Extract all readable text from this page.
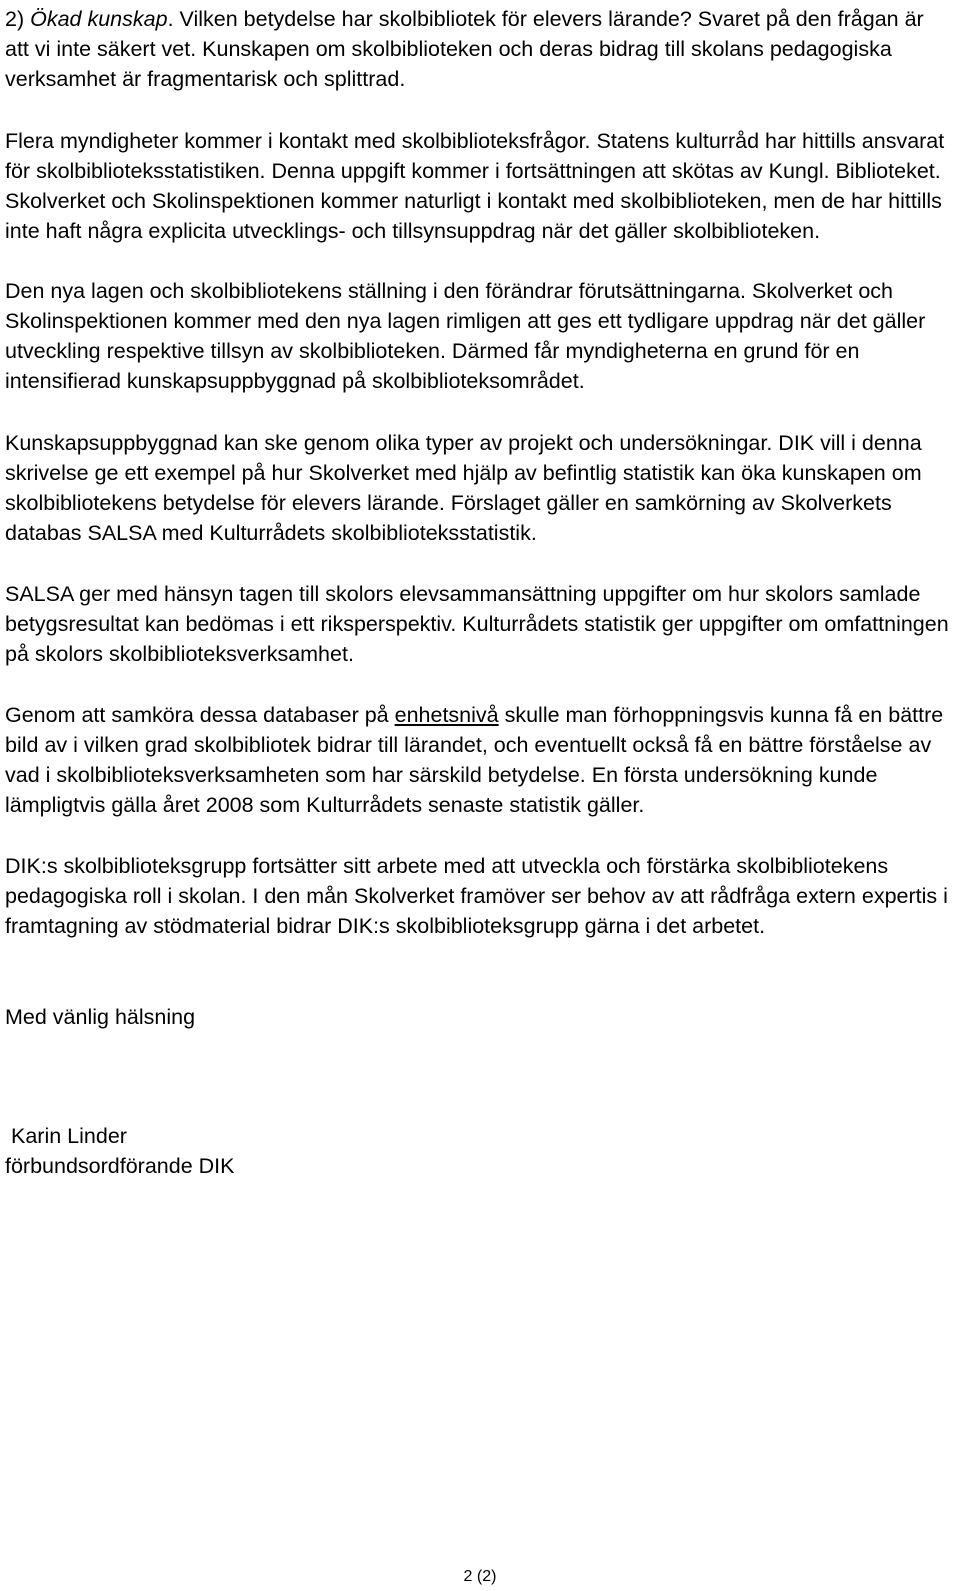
2) Ökad kunskap. Vilken betydelse har skolbibliotek för elevers lärande? Svaret på den frågan är att vi inte säkert vet. Kunskapen om skolbiblioteken och deras bidrag till skolans pedagogiska verksamhet är fragmentarisk och splittrad.

Flera myndigheter kommer i kontakt med skolbiblioteksfrågor. Statens kulturråd har hittills ansvarat för skolbiblioteksstatistiken. Denna uppgift kommer i fortsättningen att skötas av Kungl. Biblioteket. Skolverket och Skolinspektionen kommer naturligt i kontakt med skolbiblioteken, men de har hittills inte haft några explicita utvecklings- och tillsynsuppdrag när det gäller skolbiblioteken.

Den nya lagen och skolbibliotekens ställning i den förändrar förutsättningarna. Skolverket och Skolinspektionen kommer med den nya lagen rimligen att ges ett tydligare uppdrag när det gäller utveckling respektive tillsyn av skolbiblioteken. Därmed får myndigheterna en grund för en intensifierad kunskapsuppbyggnad på skolbiblioteksområdet.

Kunskapsuppbyggnad kan ske genom olika typer av projekt och undersökningar. DIK vill i denna skrivelse ge ett exempel på hur Skolverket med hjälp av befintlig statistik kan öka kunskapen om skolbibliotekens betydelse för elevers lärande. Förslaget gäller en samkörning av Skolverkets databas SALSA med Kulturrådets skolbiblioteksstatistik.

SALSA ger med hänsyn tagen till skolors elevsammansättning uppgifter om hur skolors samlade betygsresultat kan bedömas i ett riksperspektiv. Kulturrådets statistik ger uppgifter om omfattningen på skolors skolbiblioteksverksamhet.

Genom att samköra dessa databaser på enhetsnivå skulle man förhoppningsvis kunna få en bättre bild av i vilken grad skolbibliotek bidrar till lärandet, och eventuellt också få en bättre förståelse av vad i skolbiblioteksverksamheten som har särskild betydelse. En första undersökning kunde lämpligtvis gälla året 2008 som Kulturrådets senaste statistik gäller.

DIK:s skolbiblioteksgrupp fortsätter sitt arbete med att utveckla och förstärka skolbibliotekens pedagogiska roll i skolan. I den mån Skolverket framöver ser behov av att rådfråga extern expertis i framtagning av stödmaterial bidrar DIK:s skolbiblioteksgrupp gärna i det arbetet.

Med vänlig hälsning

Karin Linder
förbundsordförande DIK

2 (2)
